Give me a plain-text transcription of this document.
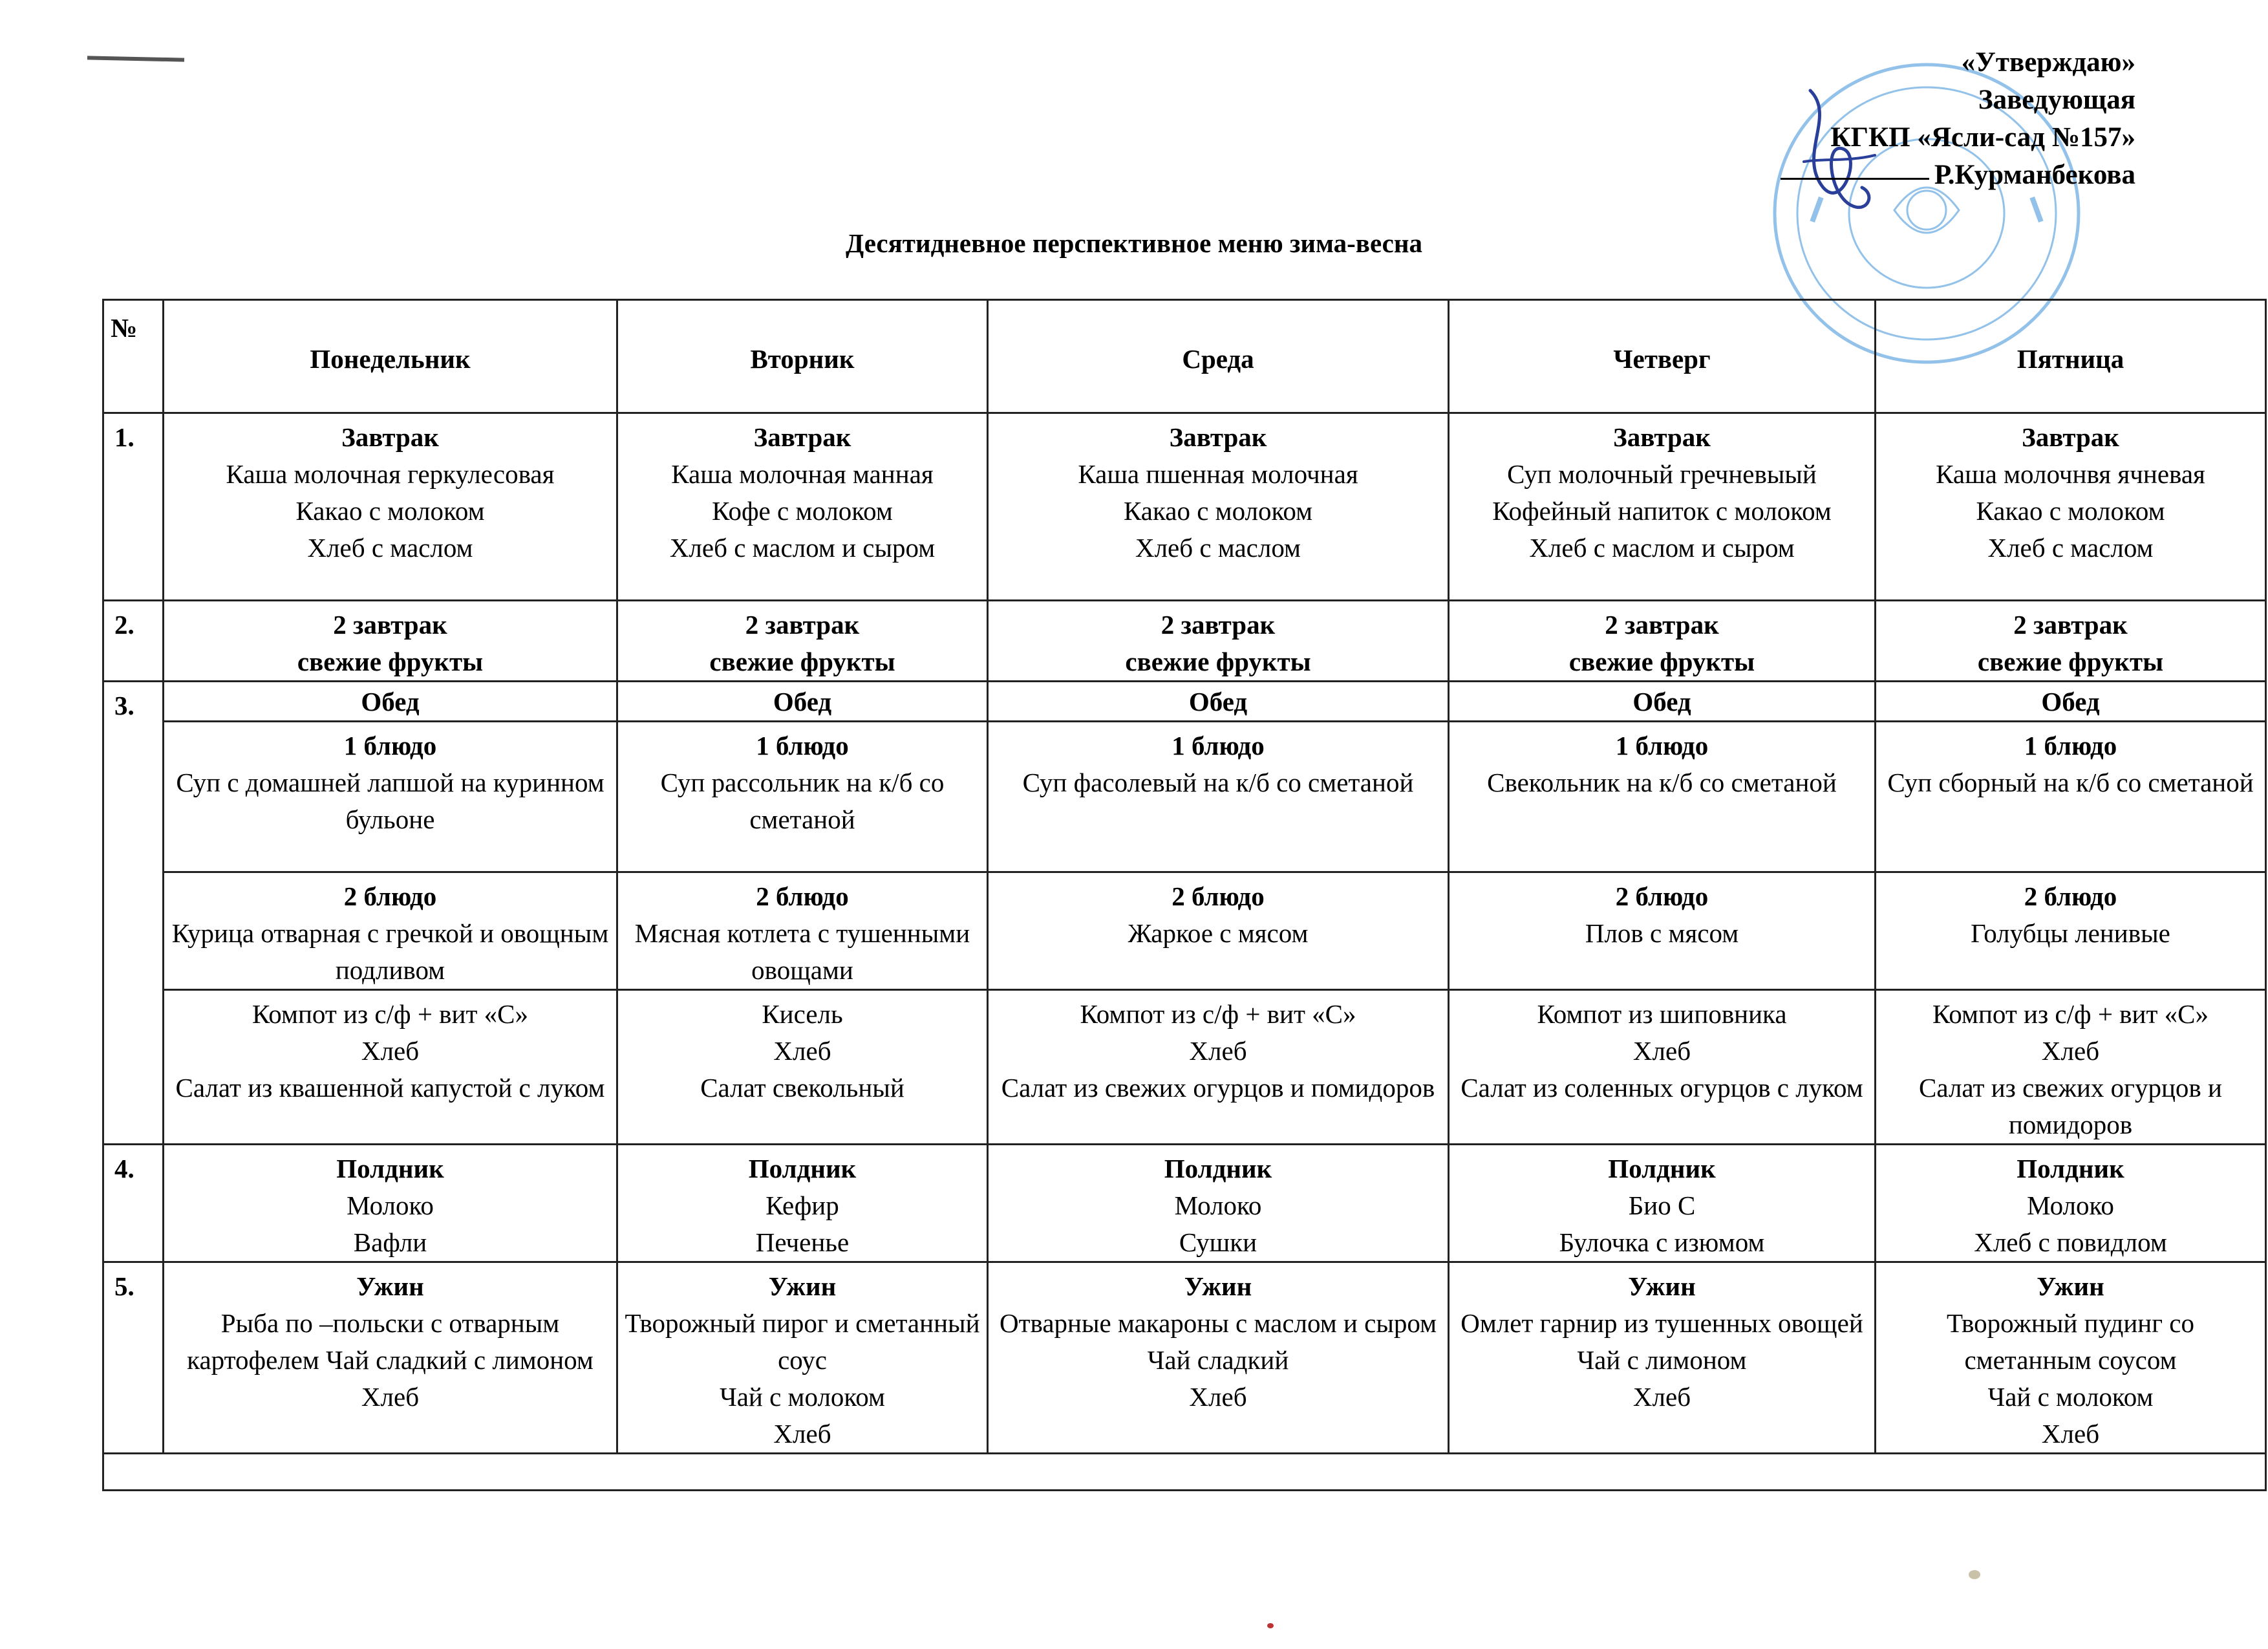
«Утверждаю»
Заведующая
КГКП «Ясли-сад №157»
Р.Курманбекова
Десятидневное перспективное меню зима-весна
№	Понедельник	Вторник	Среда	Четверг	Пятница
1.	Завтрак
Каша молочная геркулесовая
Какао с молоком
Хлеб с маслом	Завтрак
Каша молочная манная
Кофе с молоком
Хлеб с маслом и сыром	Завтрак
Каша пшенная молочная
Какао с молоком
Хлеб с маслом	Завтрак
Суп молочный гречневыый
Кофейный напиток с молоком
Хлеб с маслом и сыром	Завтрак
Каша молочнвя ячневая
Какао с молоком
Хлеб с маслом

2.	2 завтрак
свежие фрукты	2 завтрак
свежие фрукты	2 завтрак
свежие фрукты	2 завтрак
свежие фрукты	2 завтрак
свежие фрукты

3.	Обед	Обед	Обед	Обед	Обед

	1 блюдо
Суп с домашней лапшой на куринном бульоне	1 блюдо
Суп рассольник на к/б со сметаной	1 блюдо
Суп фасолевый на к/б со сметаной	1 блюдо
Свекольник на к/б со сметаной	1 блюдо
Суп сборный на к/б со сметаной

	2 блюдо
Курица отварная с гречкой и овощным подливом	2 блюдо
Мясная котлета с тушенными овощами	2 блюдо
Жаркое с мясом	2 блюдо
Плов с мясом	2 блюдо
Голубцы ленивые

	Компот из с/ф + вит «С»
Хлеб
Салат из квашенной капустой с луком	Кисель
Хлеб
Салат свекольный	Компот из с/ф + вит «С»
Хлеб
Салат из свежих огурцов и помидоров	Компот из шиповника
Хлеб
Салат из соленных огурцов с луком	Компот из с/ф + вит «С»
Хлеб
Салат из свежих огурцов и помидоров

4.	Полдник
Молоко
Вафли	Полдник
Кефир
Печенье	Полдник
Молоко
Сушки	Полдник
Био С
Булочка с изюмом	Полдник
Молоко
Хлеб с повидлом

5.	Ужин
Рыба по –польски с отварным картофелем Чай сладкий с лимоном
Хлеб	Ужин
Творожный пирог и сметанный соус
Чай с молоком
Хлеб	Ужин
Отварные макароны с маслом и сыром
Чай сладкий
Хлеб	Ужин
Омлет гарнир из тушенных овощей
Чай с лимоном
Хлеб	Ужин
Творожный пудинг со сметанным соусом
Чай с молоком
Хлеб
